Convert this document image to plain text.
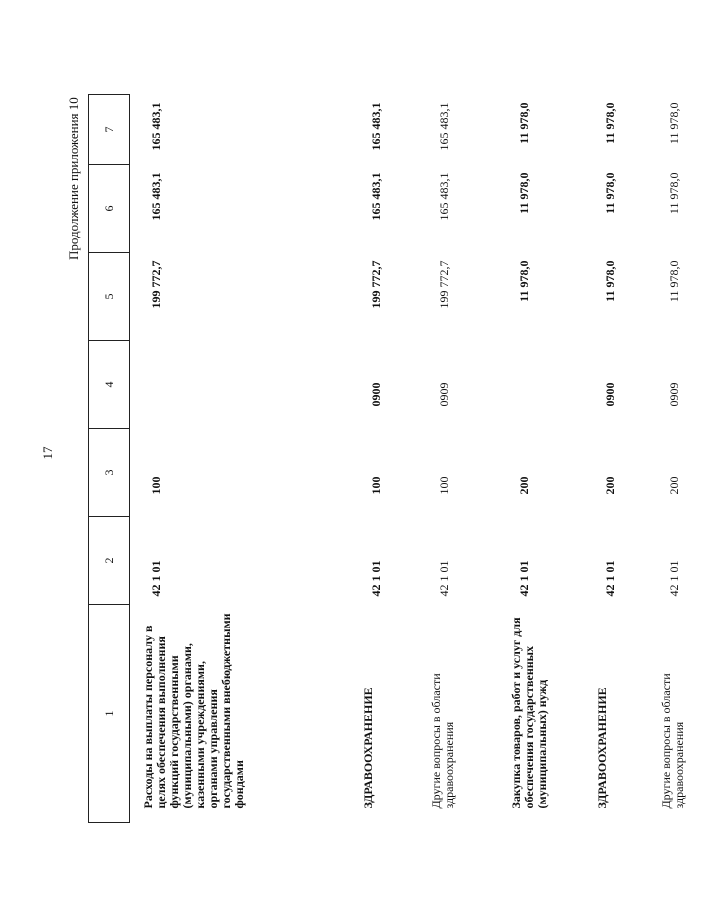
17
Продолжение приложения 10
1	2	3	4	5	6	7
Расходы на выплаты персоналу в целях обеспечения выполнения функций государственными (муниципальными) органами, казенными учреждениями, органами управления государственными внебюджетными фондами	42 1 01	100		199 772,7	165 483,1	165 483,1
ЗДРАВООХРАНЕНИЕ	42 1 01	100	0900	199 772,7	165 483,1	165 483,1
Другие вопросы в области здравоохранения	42 1 01	100	0909	199 772,7	165 483,1	165 483,1
Закупка товаров, работ и услуг для обеспечения государственных (муниципальных) нужд	42 1 01	200		11 978,0	11 978,0	11 978,0
ЗДРАВООХРАНЕНИЕ	42 1 01	200	0900	11 978,0	11 978,0	11 978,0
Другие вопросы в области здравоохранения	42 1 01	200	0909	11 978,0	11 978,0	11 978,0
